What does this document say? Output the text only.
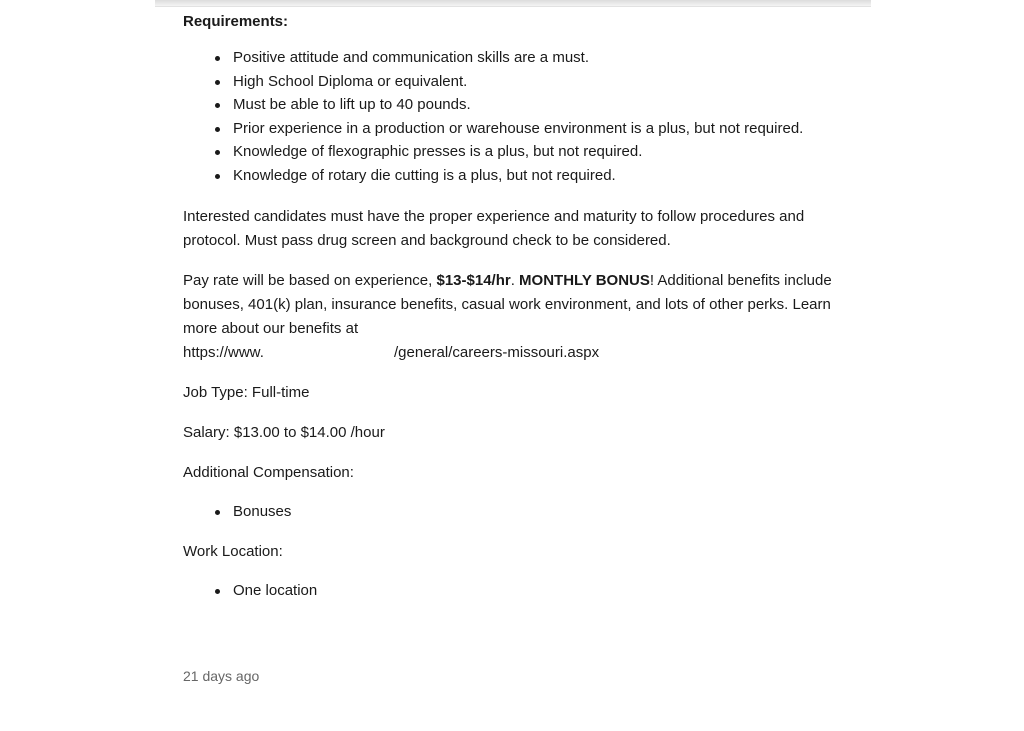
Requirements:

Positive attitude and communication skills are a must.
High School Diploma or equivalent.
Must be able to lift up to 40 pounds.
Prior experience in a production or warehouse environment is a plus, but not required.
Knowledge of flexographic presses is a plus, but not required.
Knowledge of rotary die cutting is a plus, but not required.

Interested candidates must have the proper experience and maturity to follow procedures and protocol. Must pass drug screen and background check to be considered.

Pay rate will be based on experience, $13-$14/hr. MONTHLY BONUS! Additional benefits include bonuses, 401(k) plan, insurance benefits, casual work environment, and lots of other perks. Learn more about our benefits at
https://www.	/general/careers-missouri.aspx

Job Type: Full-time

Salary: $13.00 to $14.00 /hour

Additional Compensation:

Bonuses

Work Location:

One location
21 days ago
